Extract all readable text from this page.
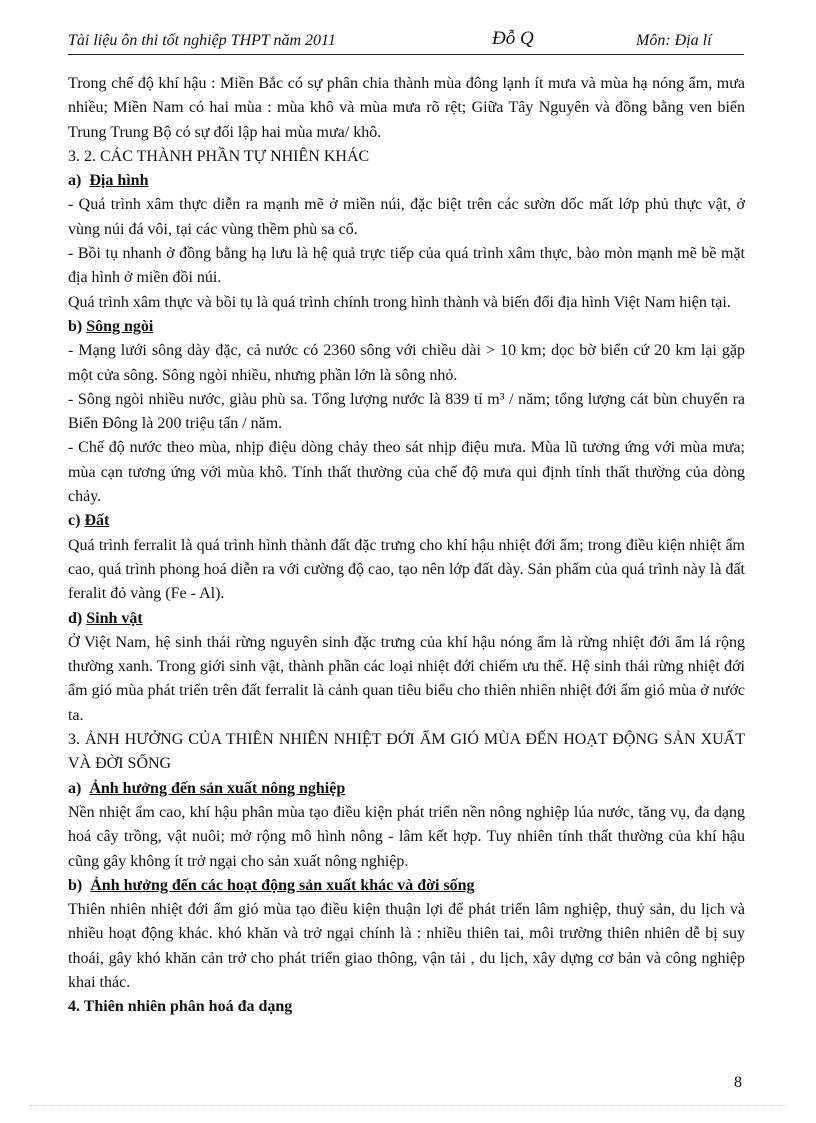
Tài liệu ôn thi tốt nghiệp THPT năm 2011	Đỗ Q	Môn: Địa lí

Trong chế độ khí hậu : Miền Bắc có sự phân chia thành mùa đông lạnh ít mưa và mùa hạ nóng ẩm, mưa nhiều; Miền Nam có hai mùa : mùa khô và mùa mưa rõ rệt; Giữa Tây Nguyên và đồng bằng ven biển Trung Trung Bộ có sự đối lập hai mùa mưa/ khô.

3. 2. CÁC THÀNH PHẦN TỰ NHIÊN KHÁC

a)  Địa hình

- Quá trình xâm thực diễn ra mạnh mẽ ở miền núi, đặc biệt trên các sườn dốc mất lớp phủ thực vật, ở vùng núi đá vôi, tại các vùng thềm phù sa cổ.

- Bồi tụ nhanh ở đồng bằng hạ lưu là hệ quả trực tiếp của quá trình xâm thực, bào mòn mạnh mẽ bề mặt địa hình ở miền đồi núi.

Quá trình xâm thực và bồi tụ là quá trình chính trong hình thành và biến đổi địa hình Việt Nam hiện tại.

b) Sông ngòi

- Mạng lưới sông dày đặc, cả nước có 2360 sông với chiều dài > 10 km; dọc bờ biển cứ 20 km lại gặp một cửa sông. Sông ngòi nhiều, nhưng phần lớn là sông nhỏ.

- Sông ngòi nhiều nước, giàu phù sa. Tổng lượng nước là 839 tỉ m³ / năm; tổng lượng cát bùn chuyển ra Biển Đông là 200 triệu tấn / năm.

- Chế độ nước theo mùa, nhịp điệu dòng chảy theo sát nhịp điệu mưa. Mùa lũ tương ứng với mùa mưa; mùa cạn tương ứng với mùa khô. Tính thất thường của chế độ mưa qui định tính thất thường của dòng chảy.

c) Đất

Quá trình ferralit là quá trình hình thành đất đặc trưng cho khí hậu nhiệt đới ẩm; trong điều kiện nhiệt ẩm cao, quá trình phong hoá diễn ra với cường độ cao, tạo nên lớp đất dày. Sản phẩm của quá trình này là đất feralit đỏ vàng (Fe - Al).

d) Sinh vật

Ở Việt Nam, hệ sinh thái rừng nguyên sinh đặc trưng của khí hậu nóng ẩm là rừng nhiệt đới ẩm lá rộng thường xanh. Trong giới sinh vật, thành phần các loại nhiệt đới chiếm ưu thế. Hệ sinh thái rừng nhiệt đới ẩm gió mùa phát triển trên đất ferralit là cảnh quan tiêu biểu cho thiên nhiên nhiệt đới ẩm gió mùa ở nước ta.

3. ẢNH HƯỞNG CỦA THIÊN NHIÊN NHIỆT ĐỚI ẨM GIÓ MÙA ĐẾN HOẠT ĐỘNG SẢN XUẤT VÀ ĐỜI SỐNG

a)  Ảnh hưởng đến sản xuất nông nghiệp

Nền nhiệt ẩm cao, khí hậu phân mùa tạo điều kiện phát triển nền nông nghiệp lúa nước, tăng vụ, đa dạng hoá cây trồng, vật nuôi; mở rộng mô hình nông - lâm kết hợp. Tuy nhiên tính thất thường của khí hậu cũng gây không ít trở ngại cho sản xuất nông nghiệp.

b)  Ảnh hưởng đến các hoạt động sản xuất khác và đời sống

Thiên nhiên nhiệt đới ẩm gió mùa tạo điều kiện thuận lợi để phát triển lâm nghiệp, thuỷ sản, du lịch và nhiều hoạt động khác. khó khăn và trở ngại chính là : nhiều thiên tai, môi trường thiên nhiên dễ bị suy thoái, gây khó khăn cản trở cho phát triển giao thông, vận tải , du lịch, xây dựng cơ bản và công nghiệp khai thác.

4. Thiên nhiên phân hoá đa dạng

8
